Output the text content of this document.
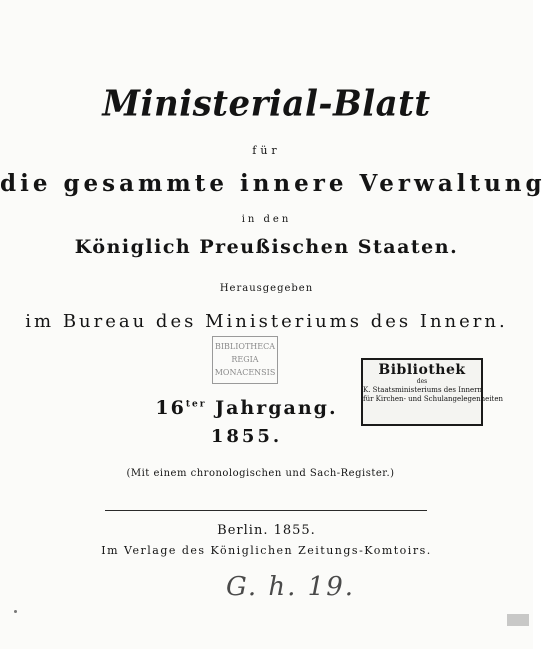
Ministerial-Blatt
für
die gesammte innere Verwaltung
in den
Königlich Preußischen Staaten.
Herausgegeben
im Bureau des Ministeriums des Innern.
BIBLIOTHECA
REGIA
MONACENSIS	Bibliothek
des
K. Staatsministeriums des Innern
für Kirchen- und Schulangelegenheiten
$16^{ter}$ Jahrgang.
1855.
(Mit einem chronologischen und Sach-Register.)
Berlin. 1855.
Im Verlage des Königlichen Zeitungs-Komtoirs.
G. h. 19.
